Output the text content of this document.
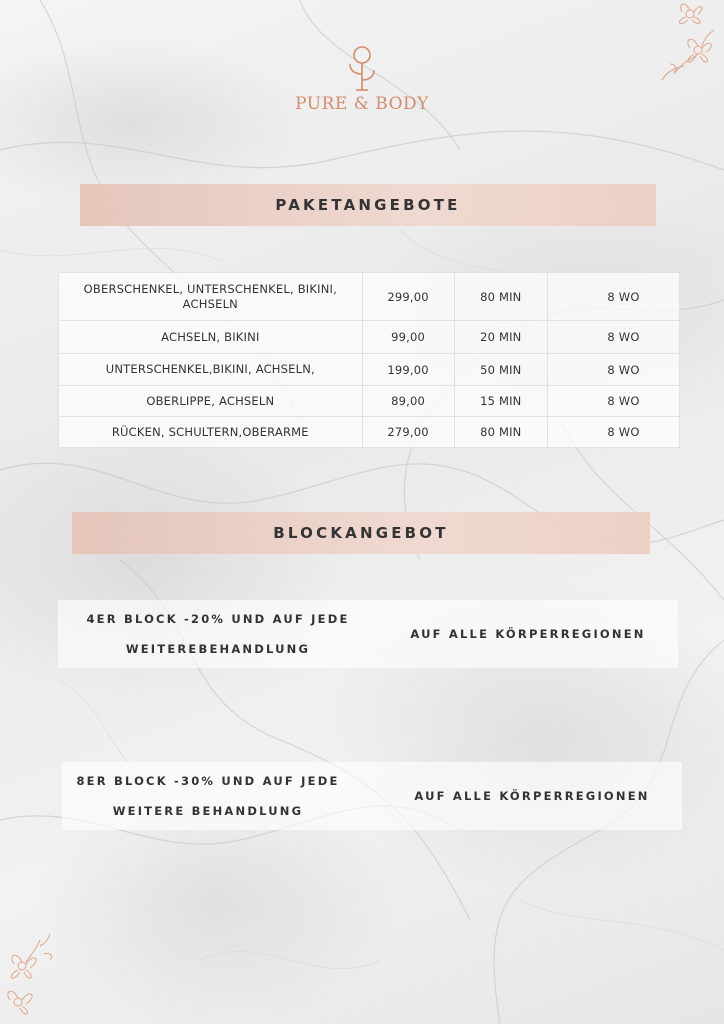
PURE & BODY
PAKETANGEBOTE
OBERSCHENKEL, UNTERSCHENKEL, BIKINI, ACHSELN	299,00	80 MIN	8 WO
ACHSELN, BIKINI	99,00	20 MIN	8 WO
UNTERSCHENKEL,BIKINI, ACHSELN,	199,00	50 MIN	8 WO
OBERLIPPE, ACHSELN	89,00	15 MIN	8 WO
RÜCKEN, SCHULTERN,OBERARME	279,00	80 MIN	8 WO
BLOCKANGEBOT
4ER BLOCK -20% UND AUF JEDE
WEITEREBEHANDLUNG
AUF ALLE KÖRPERREGIONEN
8ER BLOCK -30% UND AUF JEDE
WEITERE BEHANDLUNG
AUF ALLE KÖRPERREGIONEN
